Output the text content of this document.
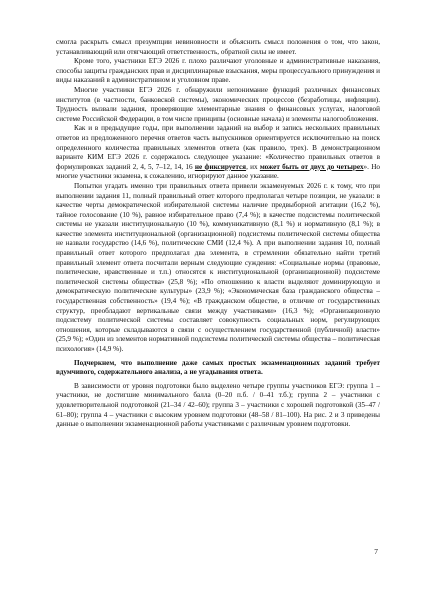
смогла раскрыть смысл презумпции невиновности и объяснить смысл положения о том, что закон, устанавливающий или отягчающий ответственность, обратной силы не имеет.

Кроме того, участники ЕГЭ 2026 г. плохо различают уголовные и административные наказания, способы защиты гражданских прав и дисциплинарные взыскания, меры процессуального принуждения и виды наказаний в административном и уголовном праве.

Многие участники ЕГЭ 2026 г. обнаружили непонимание функций различных финансовых институтов (в частности, банковской системы), экономических процессов (безработицы, инфляции). Трудность вызвали задания, проверяющие элементарные знания о финансовых услугах, налоговой системе Российской Федерации, в том числе принципы (основные начала) и элементы налогообложения.

Как и в предыдущие годы, при выполнении заданий на выбор и запись нескольких правильных ответов из предложенного перечня ответов часть выпускников ориентируется исключительно на поиск определенного количества правильных элементов ответа (как правило, трех). В демонстрационном варианте КИМ ЕГЭ 2026 г. содержалось следующее указание: «Количество правильных ответов в формулировках заданий 2, 4, 5, 7–12, 14, 16 не фиксируется, их может быть от двух до четырех». Но многие участники экзамена, к сожалению, игнорируют данное указание.

Попытки угадать именно три правильных ответа привели экзаменуемых 2026 г. к тому, что при выполнении задания 11, полный правильный ответ которого предполагал четыре позиции, не указали: в качестве черты демократической избирательной системы наличие предвыборной агитации (16,2 %), тайное голосование (10 %), равное избирательное право (7,4 %); в качестве подсистемы политической системы не указали институциональную (10 %), коммуникативную (8,1 %) и нормативную (8,1 %); в качестве элемента институциональной (организационной) подсистемы политической системы общества не назвали государство (14,6 %), политические СМИ (12,4 %). А при выполнении задания 10, полный правильный ответ которого предполагал два элемента, в стремлении обязательно найти третий правильный элемент ответа посчитали верным следующие суждения: «Социальные нормы (правовые, политические, нравственные и т.п.) относятся к институциональной (организационной) подсистеме политической системы общества» (25,8 %); «По отношению к власти выделяют доминирующую и демократическую политические культуры» (23,9 %); «Экономическая база гражданского общества – государственная собственность» (19,4 %); «В гражданском обществе, в отличие от государственных структур, преобладают вертикальные связи между участниками» (16,3 %); «Организационную подсистему политической системы составляет совокупность социальных норм, регулирующих отношения, которые складываются в связи с осуществлением государственной (публичной) власти» (25,9 %); «Один из элементов нормативной подсистемы политической системы общества – политическая психология» (14,9 %).

Подчеркнем, что выполнение даже самых простых экзаменационных заданий требует вдумчивого, содержательного анализа, а не угадывания ответа.

В зависимости от уровня подготовки было выделено четыре группы участников ЕГЭ: группа 1 – участники, не достигшие минимального балла (0–20 п.б. / 0–41 т.б.); группа 2 – участники с удовлетворительной подготовкой (21–34 / 42–60); группа 3 – участники с хорошей подготовкой (35–47 / 61–80); группа 4 – участники с высоким уровнем подготовки (48–58 / 81–100). На рис. 2 и 3 приведены данные о выполнении экзаменационной работы участниками с различным уровнем подготовки.

7
